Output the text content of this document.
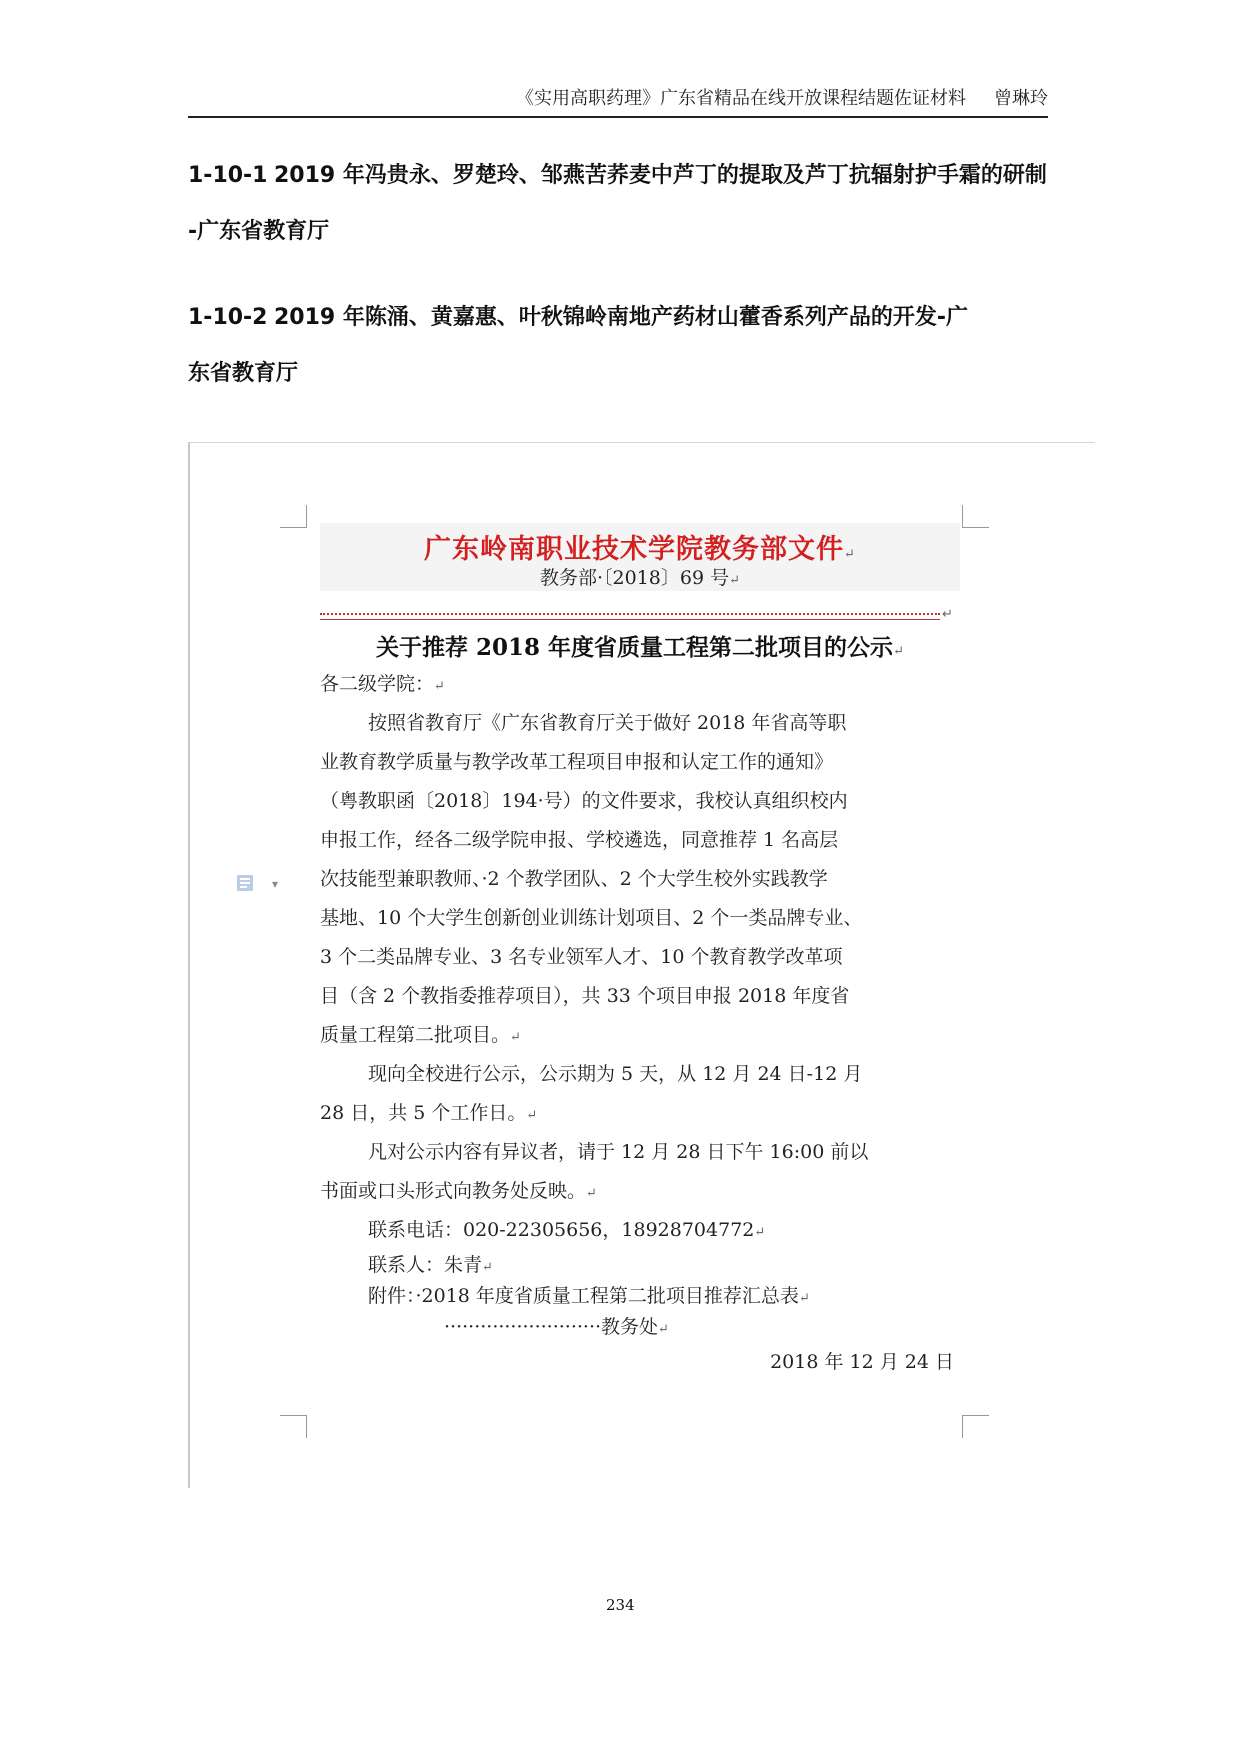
《实用高职药理》广东省精品在线开放课程结题佐证材料 曾琳玲
1-10-1 2019 年冯贵永、罗楚玲、邹燕苦荞麦中芦丁的提取及芦丁抗辐射护手霜的研制
-广东省教育厅
1-10-2 2019 年陈涌、黄嘉惠、叶秋锦岭南地产药材山藿香系列产品的开发-广
东省教育厅
▾
广东岭南职业技术学院教务部文件↵
教务部·〔2018〕69 号↵
↵
关于推荐 2018 年度省质量工程第二批项目的公示↵
各二级学院：↵
按照省教育厅《广东省教育厅关于做好 2018 年省高等职
业教育教学质量与教学改革工程项目申报和认定工作的通知》
（粤教职函〔2018〕194·号）的文件要求，我校认真组织校内
申报工作，经各二级学院申报、学校遴选，同意推荐 1 名高层
次技能型兼职教师、·2 个教学团队、2 个大学生校外实践教学
基地、10 个大学生创新创业训练计划项目、2 个一类品牌专业、
3 个二类品牌专业、3 名专业领军人才、10 个教育教学改革项
目（含 2 个教指委推荐项目），共 33 个项目申报 2018 年度省
质量工程第二批项目。↵
现向全校进行公示，公示期为 5 天，从 12 月 24 日-12 月
28 日，共 5 个工作日。↵
凡对公示内容有异议者，请于 12 月 28 日下午 16:00 前以
书面或口头形式向教务处反映。↵
联系电话：020-22305656，18928704772↵
联系人：朱青↵
附件：·2018 年度省质量工程第二批项目推荐汇总表↵
··························教务处↵
2018 年 12 月 24 日
234
